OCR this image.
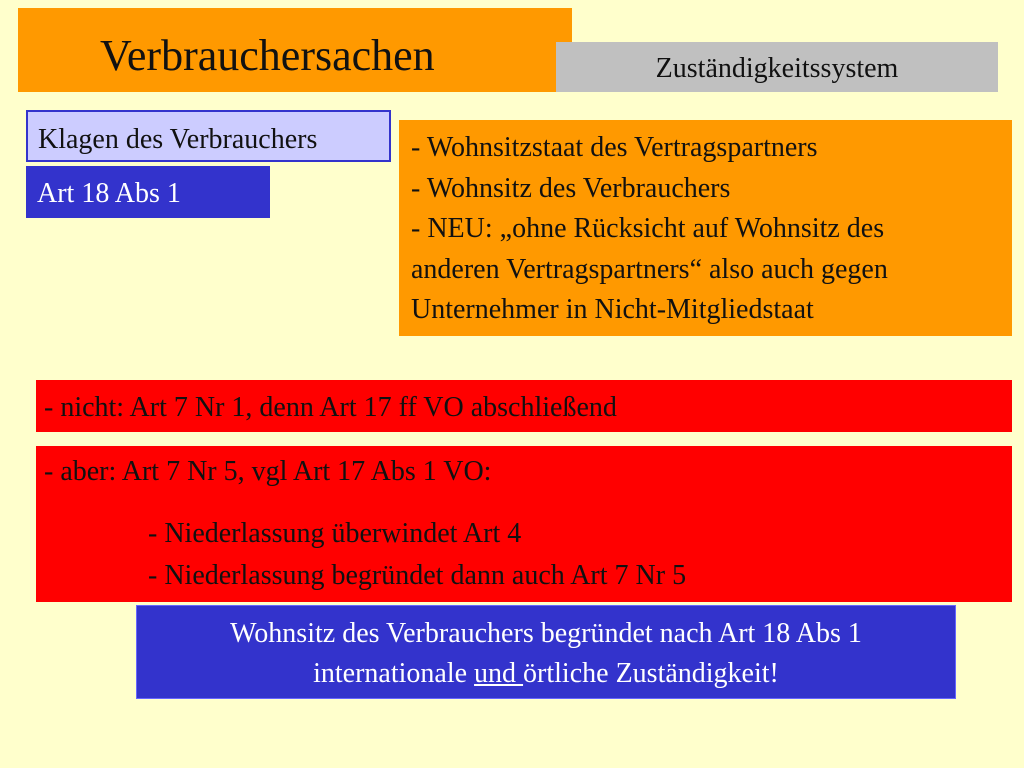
Verbrauchersachen	Zuständigkeitssystem
Klagen des Verbrauchers
Art 18 Abs 1
- Wohnsitzstaat des Vertragspartners
- Wohnsitz des Verbrauchers
- NEU: „ohne Rücksicht auf Wohnsitz des
anderen Vertragspartners“ also auch gegen
Unternehmer in Nicht-Mitgliedstaat
- nicht: Art 7 Nr 1, denn Art 17 ff VO abschließend
- aber: Art 7 Nr 5, vgl Art 17 Abs 1 VO:
- Niederlassung überwindet Art 4
- Niederlassung begründet dann auch Art 7 Nr 5
Wohnsitz des Verbrauchers begründet nach Art 18 Abs 1
internationale und örtliche Zuständigkeit!
